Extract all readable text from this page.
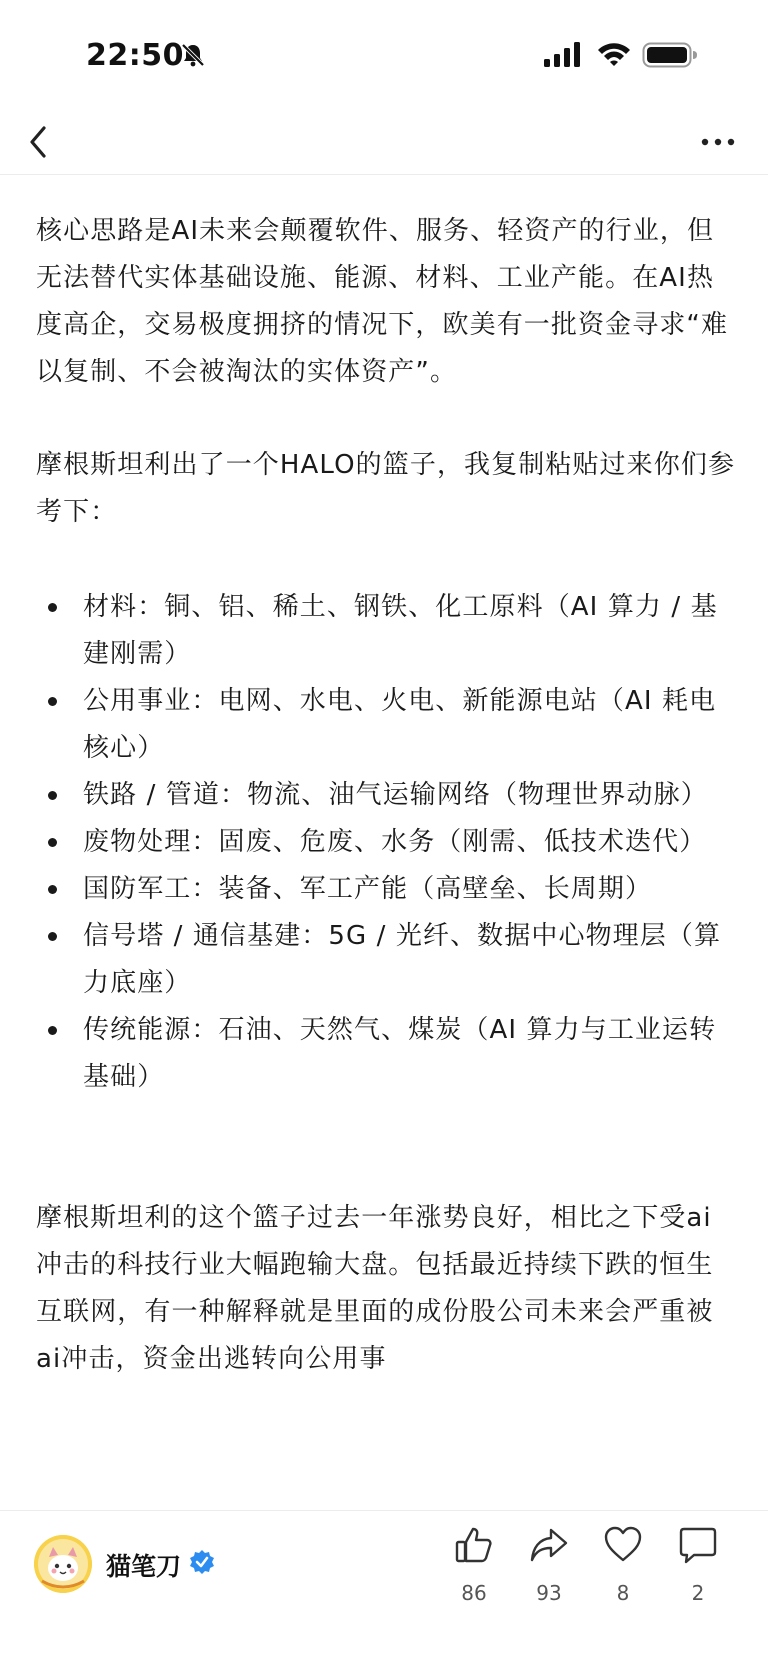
22:50

核心思路是AI未来会颠覆软件、服务、轻资产的行业，但无法替代实体基础设施、能源、材料、工业产能。在AI热度高企，交易极度拥挤的情况下，欧美有一批资金寻求“难以复制、不会被淘汰的实体资产”。

摩根斯坦利出了一个HALO的篮子，我复制粘贴过来你们参考下：

材料：铜、铝、稀土、钢铁、化工原料（AI 算力 / 基建刚需）
公用事业：电网、水电、火电、新能源电站（AI 耗电核心）
铁路 / 管道：物流、油气运输网络（物理世界动脉）
废物处理：固废、危废、水务（刚需、低技术迭代）
国防军工：装备、军工产能（高壁垒、长周期）
信号塔 / 通信基建：5G / 光纤、数据中心物理层（算力底座）
传统能源：石油、天然气、煤炭（AI 算力与工业运转基础）

摩根斯坦利的这个篮子过去一年涨势良好，相比之下受ai冲击的科技行业大幅跑输大盘。包括最近持续下跌的恒生互联网，有一种解释就是里面的成份股公司未来会严重被ai冲击，资金出逃转向公用事

猫笔刀
86	93	8	2
